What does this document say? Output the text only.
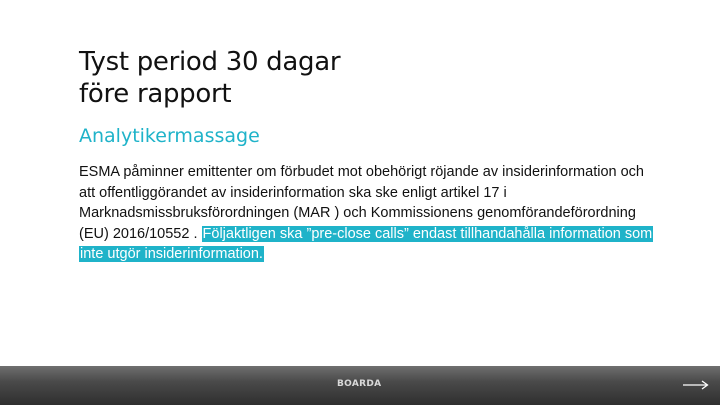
Tyst period 30 dagar
före rapport
Analytikermassage

ESMA påminner emittenter om förbudet mot obehörigt röjande av insiderinformation och att offentliggörandet av insiderinformation ska ske enligt artikel 17 i Marknadsmissbruksförordningen (MAR ) och Kommissionens genomförandeförordning (EU) 2016/10552 . Följaktligen ska ”pre-close calls” endast tillhandahålla information som inte utgör insiderinformation.

BOARDA
